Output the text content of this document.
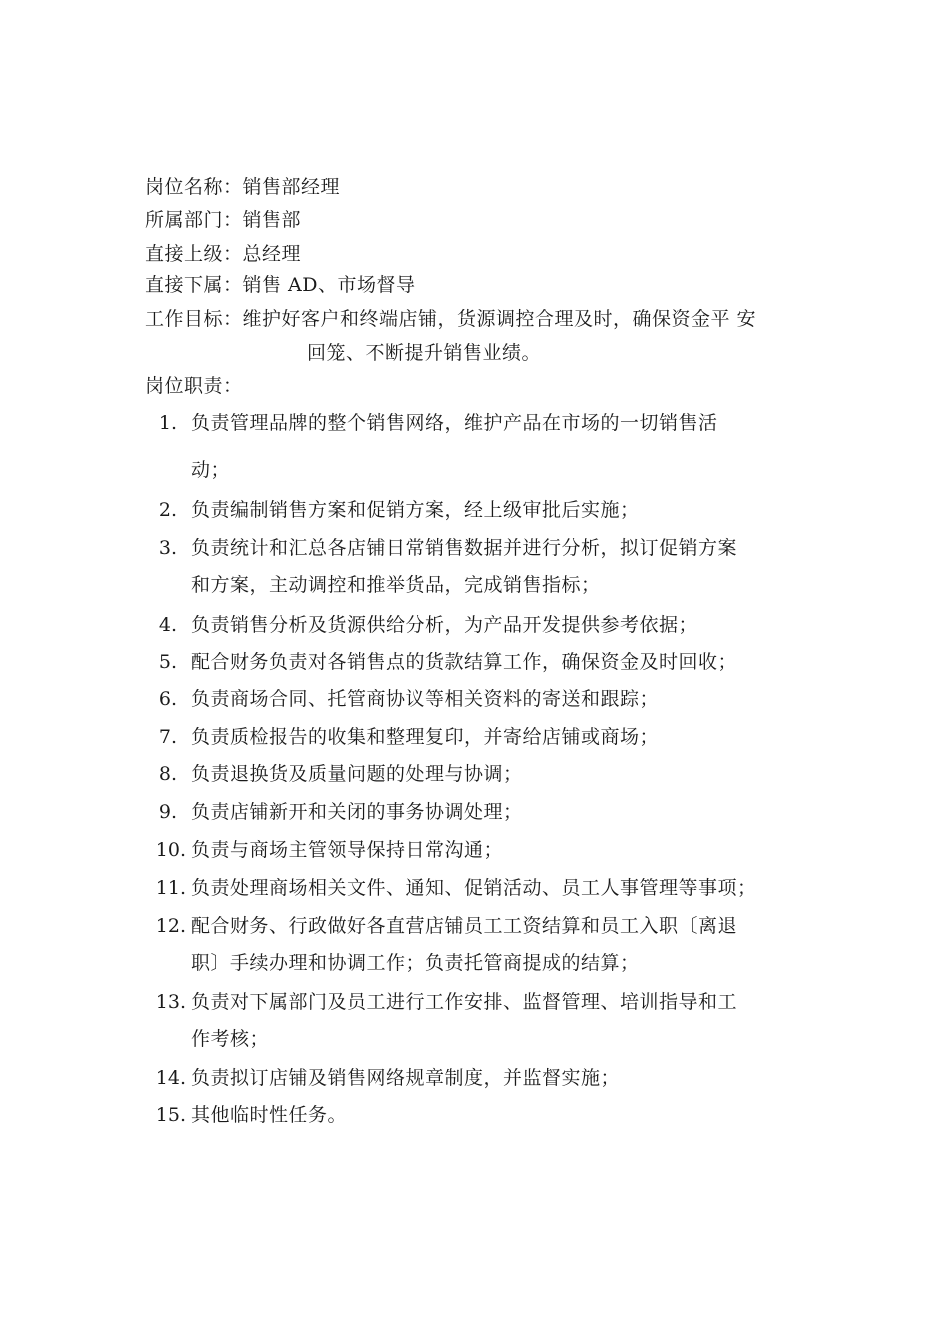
岗位名称：销售部经理
所属部门：销售部
直接上级：总经理
直接下属：销售 AD、市场督导
工作目标：维护好客户和终端店铺，货源调控合理及时，确保资金平 安
回笼、不断提升销售业绩。
岗位职责：
1. 负责管理品牌的整个销售网络，维护产品在市场的一切销售活
动；
2. 负责编制销售方案和促销方案，经上级审批后实施；
3. 负责统计和汇总各店铺日常销售数据并进行分析，拟订促销方案
和方案，主动调控和推举货品，完成销售指标；
4. 负责销售分析及货源供给分析，为产品开发提供参考依据；
5. 配合财务负责对各销售点的货款结算工作，确保资金及时回收；
6. 负责商场合同、托管商协议等相关资料的寄送和跟踪；
7. 负责质检报告的收集和整理复印，并寄给店铺或商场；
8. 负责退换货及质量问题的处理与协调；
9. 负责店铺新开和关闭的事务协调处理；
10. 负责与商场主管领导保持日常沟通；
11. 负责处理商场相关文件、通知、促销活动、员工人事管理等事项；
12. 配合财务、行政做好各直营店铺员工工资结算和员工入职〔离退
职〕手续办理和协调工作；负责托管商提成的结算；
13. 负责对下属部门及员工进行工作安排、监督管理、培训指导和工
作考核；
14. 负责拟订店铺及销售网络规章制度，并监督实施；
15. 其他临时性任务。
